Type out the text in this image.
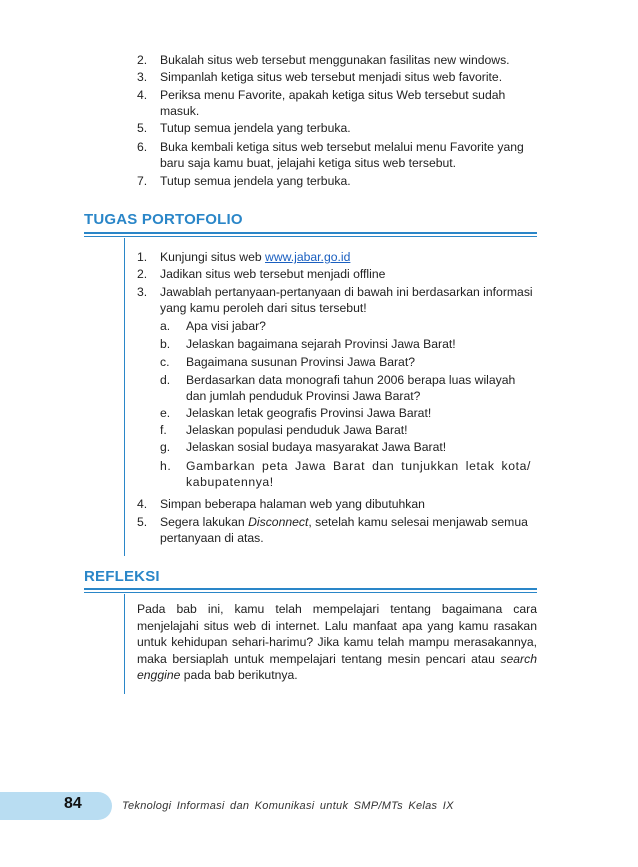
2.	Bukalah situs web tersebut menggunakan fasilitas new windows.
3.	Simpanlah ketiga situs web tersebut menjadi situs web favorite.
4.	Periksa menu Favorite, apakah ketiga situs Web tersebut sudah masuk.
5.	Tutup semua jendela yang terbuka.
6.	Buka kembali ketiga situs web tersebut melalui menu Favorite yang baru saja kamu buat, jelajahi ketiga situs web tersebut.
7.	Tutup semua jendela yang terbuka.
TUGAS PORTOFOLIO
1.	Kunjungi situs web www.jabar.go.id
2.	Jadikan situs web tersebut menjadi offline
3.	Jawablah pertanyaan-pertanyaan di bawah ini berdasarkan informasi yang kamu peroleh dari situs tersebut!
a.	Apa visi jabar?
b.	Jelaskan bagaimana sejarah Provinsi Jawa Barat!
c.	Bagaimana susunan Provinsi Jawa Barat?
d.	Berdasarkan data monografi tahun 2006 berapa luas wilayah dan jumlah penduduk Provinsi Jawa Barat?
e.	Jelaskan letak geografis Provinsi Jawa Barat!
f.	Jelaskan populasi penduduk Jawa Barat!
g.	Jelaskan sosial budaya masyarakat Jawa Barat!
h.	Gambarkan peta Jawa Barat dan tunjukkan letak kota/ kabupatennya!
4.	Simpan beberapa halaman web yang dibutuhkan
5.	Segera lakukan Disconnect, setelah kamu selesai menjawab semua pertanyaan di atas.
REFLEKSI
Pada bab ini, kamu telah mempelajari tentang bagaimana cara menjelajahi situs web di internet. Lalu manfaat apa yang kamu rasakan untuk kehidupan sehari-harimu? Jika kamu telah mampu merasakannya, maka bersiaplah untuk mempelajari tentang mesin pencari atau search enggine pada bab berikutnya.
84	Teknologi Informasi dan Komunikasi untuk SMP/MTs Kelas IX
